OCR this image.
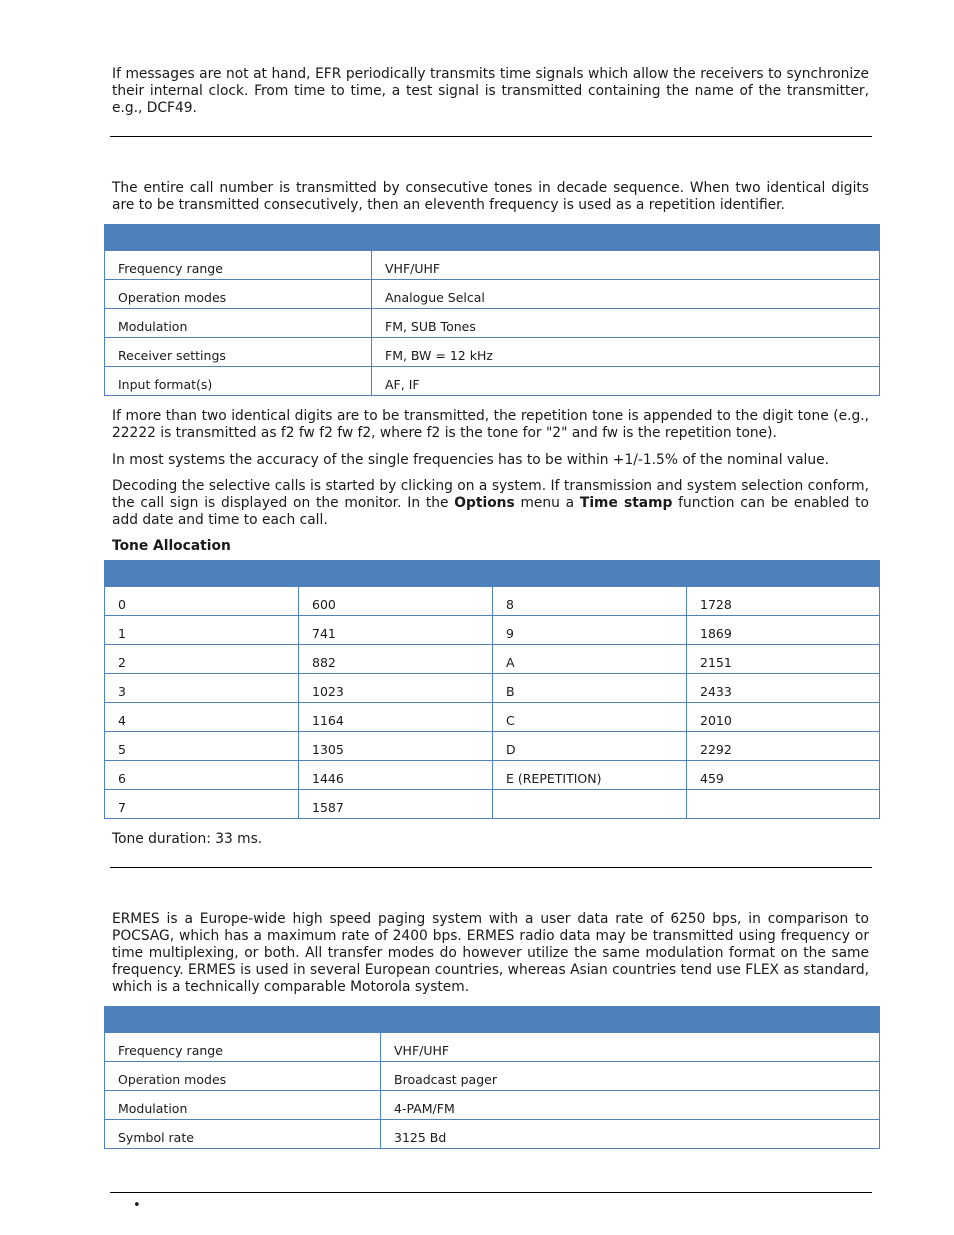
If messages are not at hand, EFR periodically transmits time signals which allow the receivers to synchronize their internal clock. From time to time, a test signal is transmitted containing the name of the transmitter, e.g., DCF49.

The entire call number is transmitted by consecutive tones in decade sequence. When two identical digits are to be transmitted consecutively, then an eleventh frequency is used as a repetition identifier.

Frequency range	VHF/UHF
Operation modes	Analogue Selcal
Modulation	FM, SUB Tones
Receiver settings	FM, BW = 12 kHz
Input format(s)	AF, IF

If more than two identical digits are to be transmitted, the repetition tone is appended to the digit tone (e.g., 22222 is transmitted as f2 fw f2 fw f2, where f2 is the tone for "2" and fw is the repetition tone).

In most systems the accuracy of the single frequencies has to be within +1/-1.5% of the nominal value.

Decoding the selective calls is started by clicking on a system. If transmission and system selection conform, the call sign is displayed on the monitor. In the Options menu a Time stamp function can be enabled to add date and time to each call.

Tone Allocation

0	600	8	1728
1	741	9	1869
2	882	A	2151
3	1023	B	2433
4	1164	C	2010
5	1305	D	2292
6	1446	E (REPETITION)	459
7	1587		

Tone duration: 33 ms.

ERMES is a Europe-wide high speed paging system with a user data rate of 6250 bps, in comparison to POCSAG, which has a maximum rate of 2400 bps. ERMES radio data may be transmitted using frequency or time multiplexing, or both. All transfer modes do however utilize the same modulation format on the same frequency. ERMES is used in several European countries, whereas Asian countries tend use FLEX as standard, which is a technically comparable Motorola system.

Frequency range	VHF/UHF
Operation modes	Broadcast pager
Modulation	4-PAM/FM
Symbol rate	3125 Bd
•
